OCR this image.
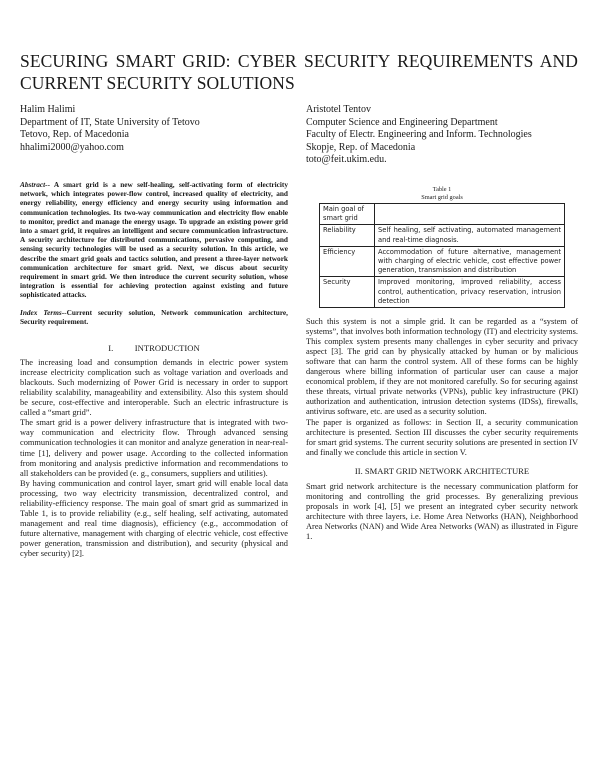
SECURING SMART GRID: CYBER SECURITY REQUIREMENTS AND CURRENT SECURITY SOLUTIONS
Halim Halimi
Department of IT, State University of Tetovo
Tetovo, Rep. of Macedonia
hhalimi2000@yahoo.com
Aristotel Tentov
Computer Science and Engineering Department
Faculty of Electr. Engineering and Inform. Technologies
Skopje, Rep. of Macedonia
toto@feit.ukim.edu.

Abstract-- A smart grid is a new self-healing, self-activating form of electricity network, which integrates power-flow control, increased quality of electricity, and energy reliability, energy efficiency and energy security using information and communication technologies. Its two-way communication and electricity flow enable to monitor, predict and manage the energy usage. To upgrade an existing power grid into a smart grid, it requires an intelligent and secure communication infrastructure. A security architecture for distributed communications, pervasive computing, and sensing security technologies will be used as a security solution. In this article, we describe the smart grid goals and tactics solution, and present a three-layer network communication architecture for smart grid. Next, we discus about security requirement in smart grid. We then introduce the current security solution, whose integration is essential for achieving protection against existing and future sophisticated attacks.

Index Terms--Current security solution, Network communication architecture, Security requirement.

I.          INTRODUCTION

The increasing load and consumption demands in electric power system increase electricity complication such as voltage variation and overloads and blackouts. Such modernizing of Power Grid is necessary in order to support reliability scalability, manageability and extensibility. Also this system should be secure, cost-effective and interoperable. Such an electric infrastructure is called a “smart grid”.

The smart grid is a power delivery infrastructure that is integrated with two-way communication and electricity flow. Through advanced sensing communication technologies it can monitor and analyze generation in near-real-time [1], delivery and power usage. According to the collected information from monitoring and analysis predictive information and recommendations to all stakeholders can be provided (e. g., consumers, suppliers and utilities).

By having communication and control layer, smart grid will enable local data processing, two way electricity transmission, decentralized control, and reliability-efficiency response. The main goal of smart grid as summarized in Table 1, is to provide reliability (e.g., self healing, self activating, automated management and real time diagnosis), efficiency (e.g., accommodation of future alternative, management with charging of electric vehicle, cost effective power generation, transmission and distribution), and security (physical and cyber security) [2].

Table 1
Smart grid goals
Main goal of smart grid	
Reliability	Self healing, self activating, automated management and real-time diagnosis.
Efficiency	Accommodation of future alternative, management with charging of electric vehicle, cost effective power generation, transmission and distribution
Security	Improved monitoring, improved reliability, access control, authentication, privacy reservation, intrusion detection

Such this system is not a simple grid. It can be regarded as a “system of systems”, that involves both information technology (IT) and electricity systems. This complex system presents many challenges in cyber security and privacy aspect [3]. The grid can by physically attacked by human or by malicious software that can harm the control system. All of these forms can be highly dangerous where billing information of particular user can cause a major economical problem, if they are not monitored carefully. So for securing against these threats, virtual private networks (VPNs), public key infrastructure (PKI) authorization and authentication, intrusion detection systems (IDSs), firewalls, antivirus software, etc. are used as a security solution.

The paper is organized as follows: in Section II, a security communication architecture is presented. Section III discusses the cyber security requirements for smart grid systems. The current security solutions are presented in section IV and finally we conclude this article in section V.

II. SMART GRID NETWORK ARCHITECTURE

Smart grid network architecture is the necessary communication platform for monitoring and controlling the grid processes. By generalizing previous proposals in work [4], [5] we present an integrated cyber security network architecture with three layers, i.e. Home Area Networks (HAN), Neighborhood Area Networks (NAN) and Wide Area Networks (WAN) as illustrated in Figure 1.
